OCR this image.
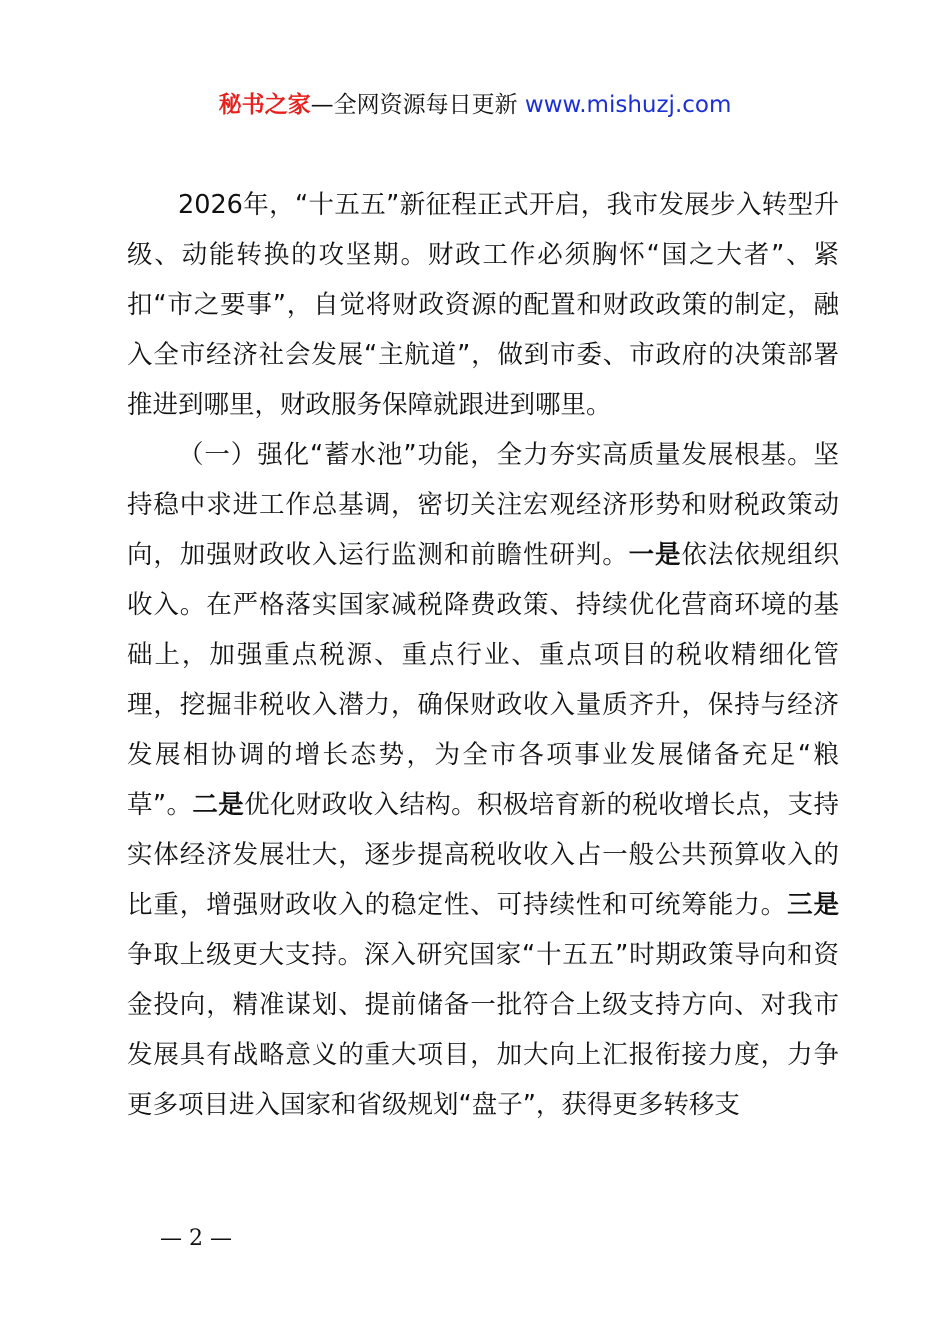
秘书之家—全网资源每日更新 www.mishuzj.com

2026年，“十五五”新征程正式开启，我市发展步入转型升级、动能转换的攻坚期。财政工作必须胸怀“国之大者”、紧扣“市之要事”，自觉将财政资源的配置和财政政策的制定，融入全市经济社会发展“主航道”，做到市委、市政府的决策部署推进到哪里，财政服务保障就跟进到哪里。

（一）强化“蓄水池”功能，全力夯实高质量发展根基。坚持稳中求进工作总基调，密切关注宏观经济形势和财税政策动向，加强财政收入运行监测和前瞻性研判。一是依法依规组织收入。在严格落实国家减税降费政策、持续优化营商环境的基础上，加强重点税源、重点行业、重点项目的税收精细化管理，挖掘非税收入潜力，确保财政收入量质齐升，保持与经济发展相协调的增长态势，为全市各项事业发展储备充足“粮草”。二是优化财政收入结构。积极培育新的税收增长点，支持实体经济发展壮大，逐步提高税收收入占一般公共预算收入的比重，增强财政收入的稳定性、可持续性和可统筹能力。三是争取上级更大支持。深入研究国家“十五五”时期政策导向和资金投向，精准谋划、提前储备一批符合上级支持方向、对我市发展具有战略意义的重大项目，加大向上汇报衔接力度，力争更多项目进入国家和省级规划“盘子”，获得更多转移支

— 2 —
